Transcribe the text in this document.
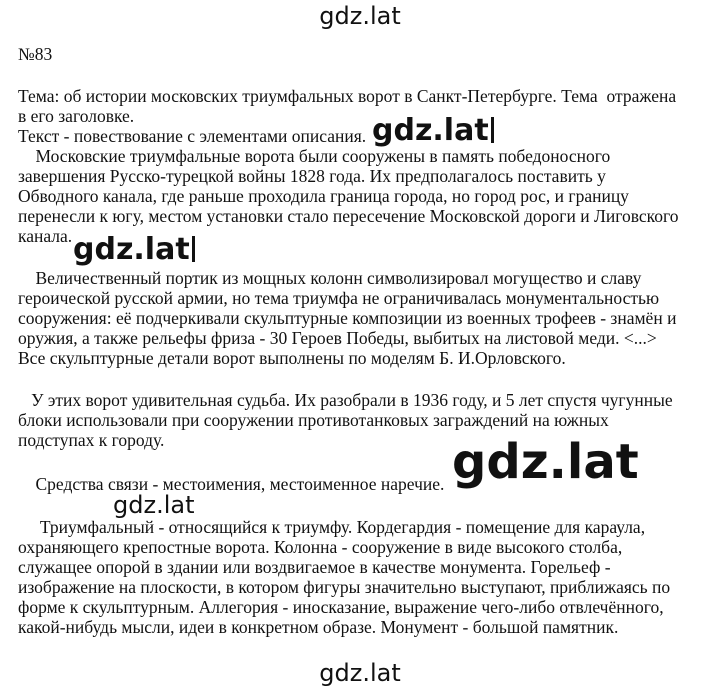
gdz.lat
№83
Тема: об истории московских триумфальных ворот в Санкт-Петербурге. Тема  отражена
в его заголовке.
Текст - повествование с элементами описания.
Московские триумфальные ворота были сооружены в память победоносного
завершения Русско-турецкой войны 1828 года. Их предполагалось поставить у
Обводного канала, где раньше проходила граница города, но город рос, и границу
перенесли к югу, местом установки стало пересечение Московской дороги и Лиговского
канала.
Величественный портик из мощных колонн символизировал могущество и славу
героической русской армии, но тема триумфа не ограничивалась монументальностью
сооружения: её подчеркивали скульптурные композиции из военных трофеев - знамён и
оружия, а также рельефы фриза - 30 Героев Победы, выбитых на листовой меди. <...>
Все скульптурные детали ворот выполнены по моделям Б. И.Орловского.
У этих ворот удивительная судьба. Их разобрали в 1936 году, и 5 лет спустя чугунные
блоки использовали при сооружении противотанковых заграждений на южных
подступах к городу.
Средства связи - местоимения, местоименное наречие.
Триумфальный - относящийся к триумфу. Кордегардия - помещение для караула,
охраняющего крепостные ворота. Колонна - сооружение в виде высокого столба,
служащее опорой в здании или воздвигаемое в качестве монумента. Горельеф -
изображение на плоскости, в котором фигуры значительно выступают, приближаясь по
форме к скульптурным. Аллегория - иносказание, выражение чего-либо отвлечённого,
какой-нибудь мысли, идеи в конкретном образе. Монумент - большой памятник.
gdz.lat
gdz.lat
gdz.lat
gdz.lat
gdz.lat
